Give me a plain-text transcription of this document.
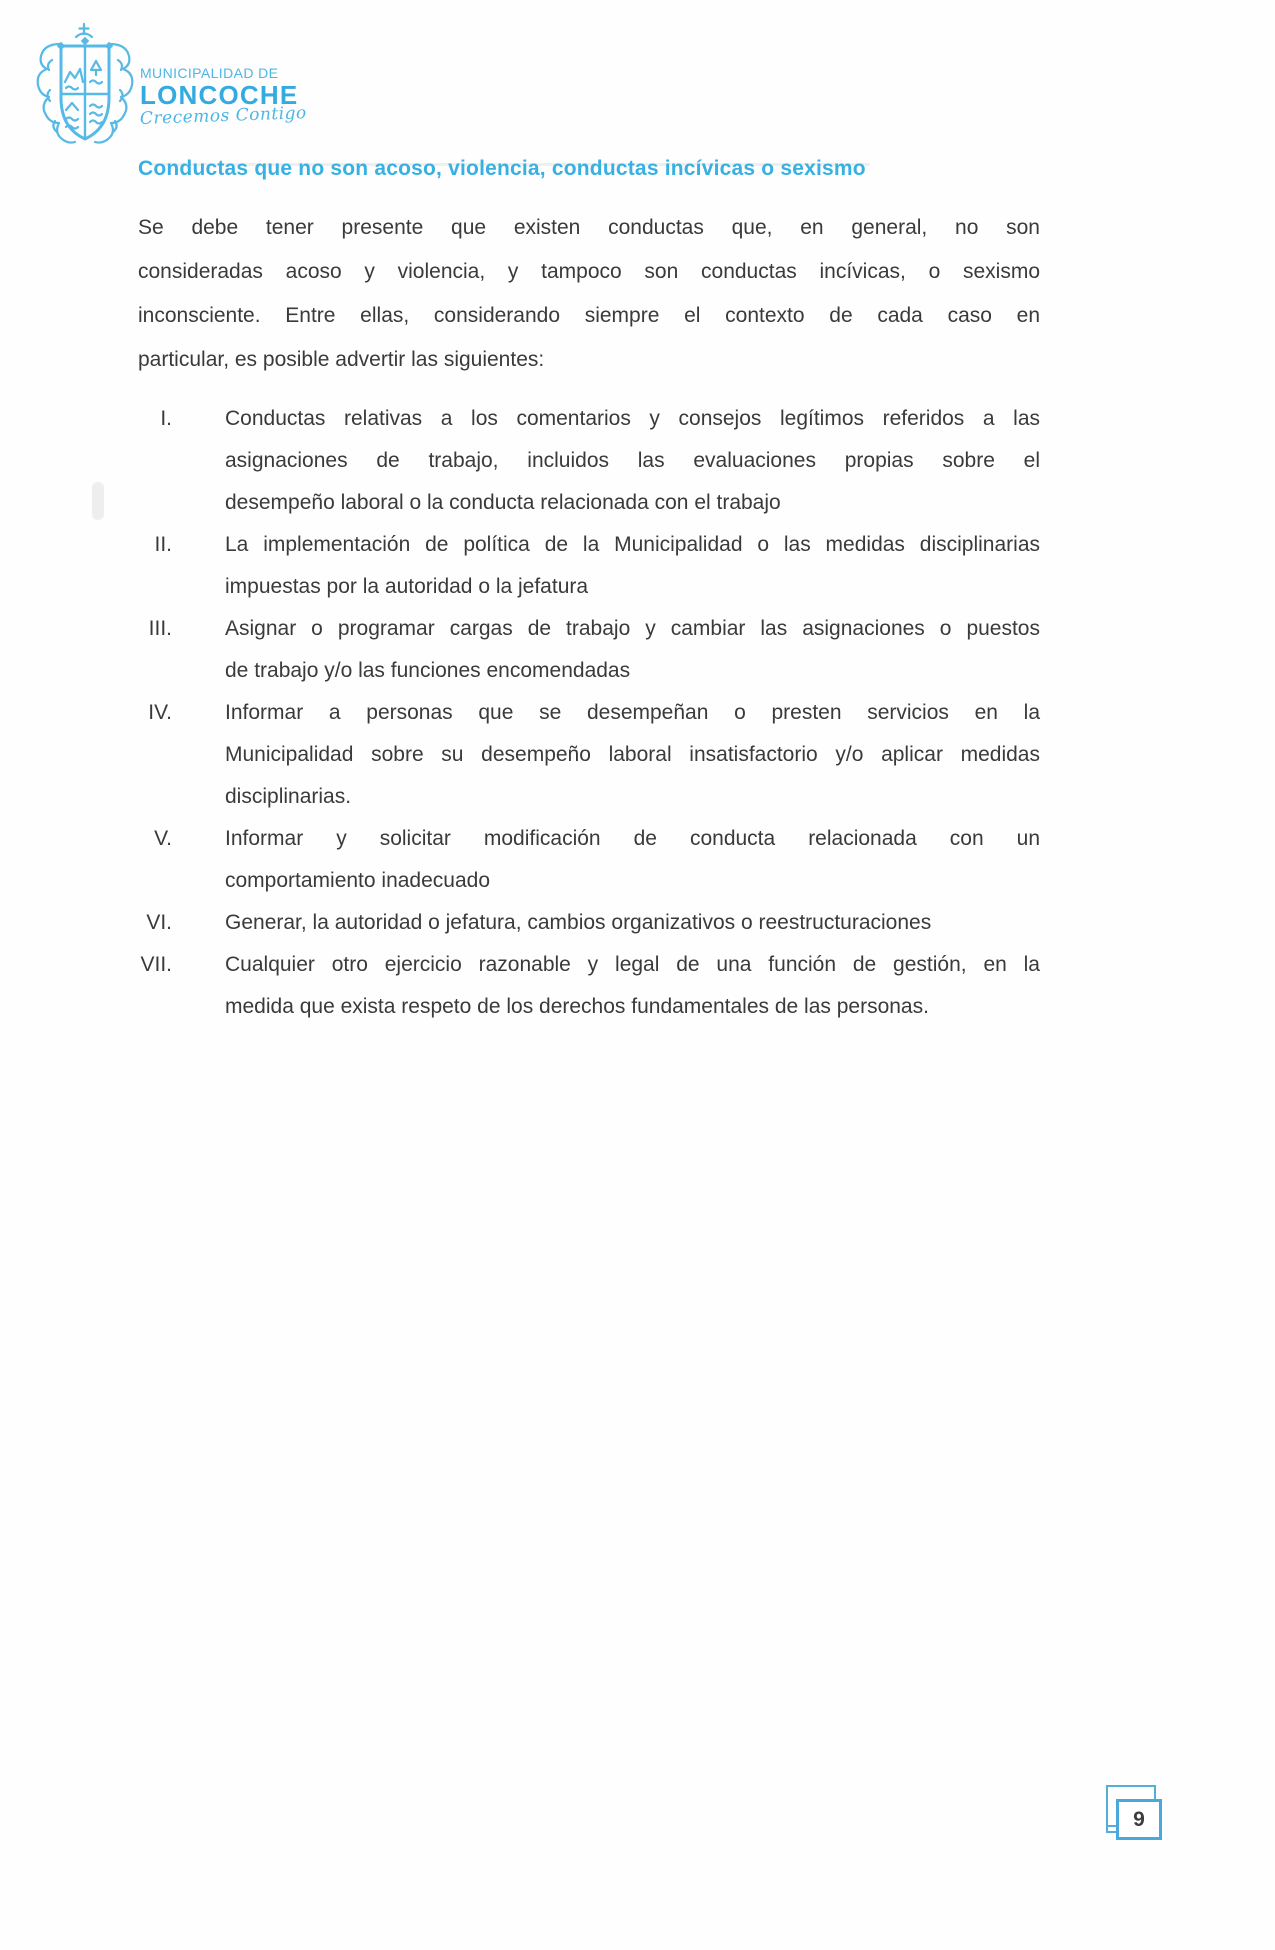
MUNICIPALIDAD DE
LONCOCHE
Crecemos Contigo
Conductas que no son acoso, violencia, conductas incívicas o sexismo
Se debe tener presente que existen conductas que, en general, no son
consideradas acoso y violencia, y tampoco son conductas incívicas, o sexismo
inconsciente. Entre ellas, considerando siempre el contexto de cada caso en
particular, es posible advertir las siguientes:
I.	Conductas relativas a los comentarios y consejos legítimos referidos a las
asignaciones de trabajo, incluidos las evaluaciones propias sobre el
desempeño laboral o la conducta relacionada con el trabajo
II.	La implementación de política de la Municipalidad o las medidas disciplinarias
impuestas por la autoridad o la jefatura
III.	Asignar o programar cargas de trabajo y cambiar las asignaciones o puestos
de trabajo y/o las funciones encomendadas
IV.	Informar a personas que se desempeñan o presten servicios en la
Municipalidad sobre su desempeño laboral insatisfactorio y/o aplicar medidas
disciplinarias.
V.	Informar y solicitar modificación de conducta relacionada con un
comportamiento inadecuado
VI.	Generar, la autoridad o jefatura, cambios organizativos o reestructuraciones
VII.	Cualquier otro ejercicio razonable y legal de una función de gestión, en la
medida que exista respeto de los derechos fundamentales de las personas.
9
